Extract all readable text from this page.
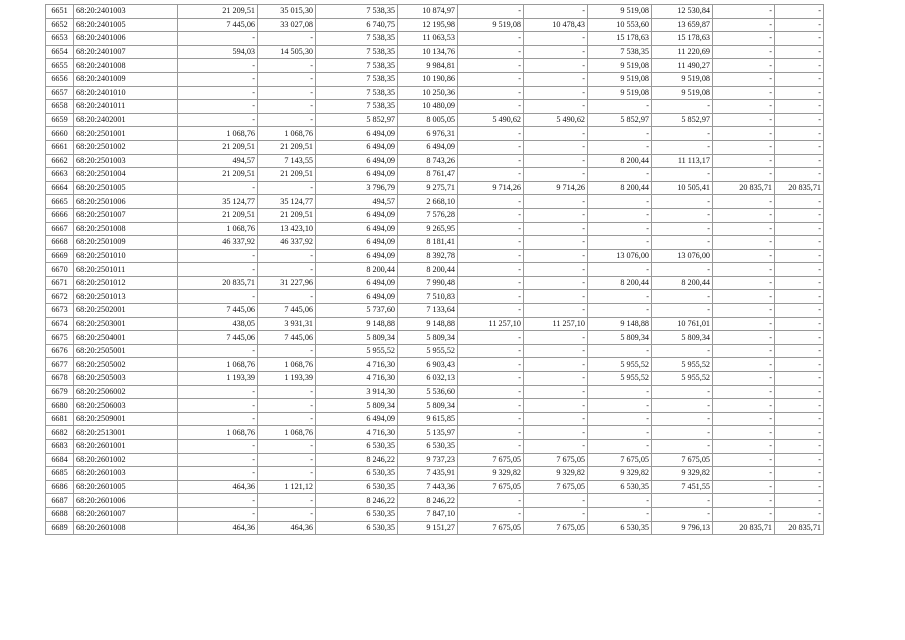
6651	68:20:2401003	21 209,51	35 015,30	7 538,35	10 874,97	-	-	9 519,08	12 530,84	-	-
6652	68:20:2401005	7 445,06	33 027,08	6 740,75	12 195,98	9 519,08	10 478,43	10 553,60	13 659,87	-	-
6653	68:20:2401006	-	-	7 538,35	11 063,53	-	-	15 178,63	15 178,63	-	-
6654	68:20:2401007	594,03	14 505,30	7 538,35	10 134,76	-	-	7 538,35	11 220,69	-	-
6655	68:20:2401008	-	-	7 538,35	9 984,81	-	-	9 519,08	11 490,27	-	-
6656	68:20:2401009	-	-	7 538,35	10 190,86	-	-	9 519,08	9 519,08	-	-
6657	68:20:2401010	-	-	7 538,35	10 250,36	-	-	9 519,08	9 519,08	-	-
6658	68:20:2401011	-	-	7 538,35	10 480,09	-	-	-	-	-	-
6659	68:20:2402001	-	-	5 852,97	8 005,05	5 490,62	5 490,62	5 852,97	5 852,97	-	-
6660	68:20:2501001	1 068,76	1 068,76	6 494,09	6 976,31	-	-	-	-	-	-
6661	68:20:2501002	21 209,51	21 209,51	6 494,09	6 494,09	-	-	-	-	-	-
6662	68:20:2501003	494,57	7 143,55	6 494,09	8 743,26	-	-	8 200,44	11 113,17	-	-
6663	68:20:2501004	21 209,51	21 209,51	6 494,09	8 761,47	-	-	-	-	-	-
6664	68:20:2501005	-	-	3 796,79	9 275,71	9 714,26	9 714,26	8 200,44	10 505,41	20 835,71	20 835,71
6665	68:20:2501006	35 124,77	35 124,77	494,57	2 668,10	-	-	-	-	-	-
6666	68:20:2501007	21 209,51	21 209,51	6 494,09	7 576,28	-	-	-	-	-	-
6667	68:20:2501008	1 068,76	13 423,10	6 494,09	9 265,95	-	-	-	-	-	-
6668	68:20:2501009	46 337,92	46 337,92	6 494,09	8 181,41	-	-	-	-	-	-
6669	68:20:2501010	-	-	6 494,09	8 392,78	-	-	13 076,00	13 076,00	-	-
6670	68:20:2501011	-	-	8 200,44	8 200,44	-	-	-	-	-	-
6671	68:20:2501012	20 835,71	31 227,96	6 494,09	7 990,48	-	-	8 200,44	8 200,44	-	-
6672	68:20:2501013	-	-	6 494,09	7 510,83	-	-	-	-	-	-
6673	68:20:2502001	7 445,06	7 445,06	5 737,60	7 133,64	-	-	-	-	-	-
6674	68:20:2503001	438,05	3 931,31	9 148,88	9 148,88	11 257,10	11 257,10	9 148,88	10 761,01	-	-
6675	68:20:2504001	7 445,06	7 445,06	5 809,34	5 809,34	-	-	5 809,34	5 809,34	-	-
6676	68:20:2505001	-	-	5 955,52	5 955,52	-	-	-	-	-	-
6677	68:20:2505002	1 068,76	1 068,76	4 716,30	6 903,43	-	-	5 955,52	5 955,52	-	-
6678	68:20:2505003	1 193,39	1 193,39	4 716,30	6 032,13	-	-	5 955,52	5 955,52	-	-
6679	68:20:2506002	-	-	3 914,30	5 536,60	-	-	-	-	-	-
6680	68:20:2506003	-	-	5 809,34	5 809,34	-	-	-	-	-	-
6681	68:20:2509001	-	-	6 494,09	9 615,85	-	-	-	-	-	-
6682	68:20:2513001	1 068,76	1 068,76	4 716,30	5 135,97	-	-	-	-	-	-
6683	68:20:2601001	-	-	6 530,35	6 530,35	-	-	-	-	-	-
6684	68:20:2601002	-	-	8 246,22	9 737,23	7 675,05	7 675,05	7 675,05	7 675,05	-	-
6685	68:20:2601003	-	-	6 530,35	7 435,91	9 329,82	9 329,82	9 329,82	9 329,82	-	-
6686	68:20:2601005	464,36	1 121,12	6 530,35	7 443,36	7 675,05	7 675,05	6 530,35	7 451,55	-	-
6687	68:20:2601006	-	-	8 246,22	8 246,22	-	-	-	-	-	-
6688	68:20:2601007	-	-	6 530,35	7 847,10	-	-	-	-	-	-
6689	68:20:2601008	464,36	464,36	6 530,35	9 151,27	7 675,05	7 675,05	6 530,35	9 796,13	20 835,71	20 835,71
